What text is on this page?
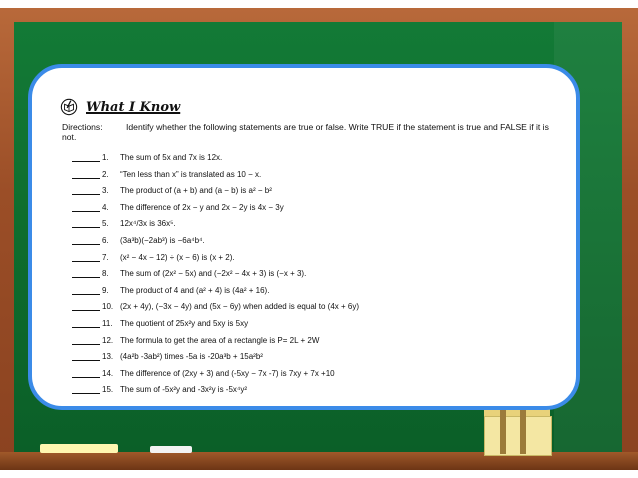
What I Know
Directions:	Identify whether the following statements are true or false. Write TRUE if the statement is true and FALSE if it is not.
1.	The sum of 5x and 7x is 12x.
2.	“Ten less than x” is translated as 10 − x.
3.	The product of (a + b) and (a − b) is a² − b²
4.	The difference of 2x − y and 2x − 2y is 4x − 3y
5.	12x⁴/3x is 36x⁵.
6.	(3a³b)(−2ab³) is −6a⁴b⁴.
7.	(x² − 4x − 12) ÷ (x − 6) is (x + 2).
8.	The sum of (2x² − 5x) and (−2x² − 4x + 3) is (−x + 3).
9.	The product of 4 and (a² + 4) is (4a² + 16).
10. (2x + 4y), (−3x − 4y) and (5x − 6y) when added is equal to (4x + 6y)
11. The quotient of 25x²y and 5xy is 5xy
12. The formula to get the area of a rectangle is P= 2L + 2W
13. (4a²b -3ab²) times -5a is -20a³b + 15a²b²
14. The difference of (2xy + 3) and (-5xy − 7x -7) is 7xy + 7x +10
15. The sum of -5x²y and -3x²y is -5x⁴y²
